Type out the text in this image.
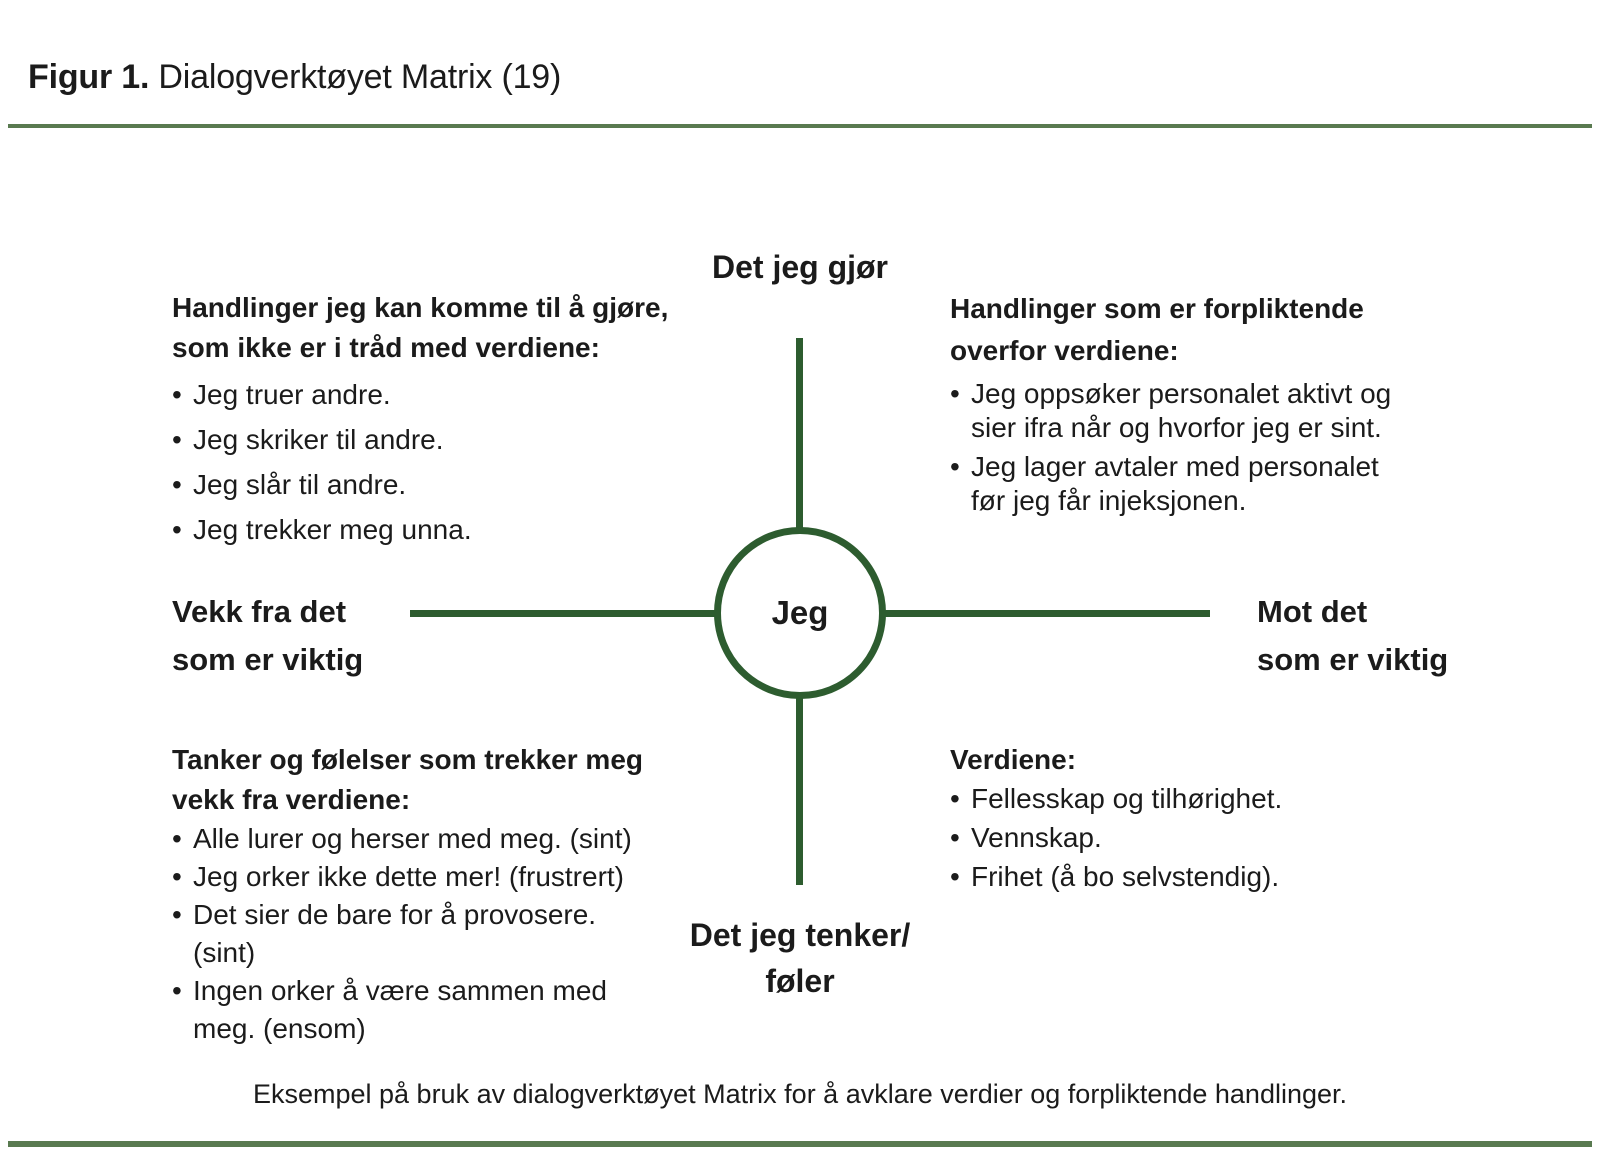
Figur 1. Dialogverktøyet Matrix (19)
Det jeg gjør
Jeg
Vekk fra det
som er viktig
Mot det
som er viktig
Handlinger jeg kan komme til å gjøre,
som ikke er i tråd med verdiene:
• Jeg truer andre.
• Jeg skriker til andre.
• Jeg slår til andre.
• Jeg trekker meg unna.
Handlinger som er forpliktende
overfor verdiene:
• Jeg oppsøker personalet aktivt og
sier ifra når og hvorfor jeg er sint.
• Jeg lager avtaler med personalet
før jeg får injeksjonen.
Tanker og følelser som trekker meg
vekk fra verdiene:
• Alle lurer og herser med meg. (sint)
• Jeg orker ikke dette mer! (frustrert)
• Det sier de bare for å provosere.
(sint)
• Ingen orker å være sammen med
meg. (ensom)
Verdiene:
• Fellesskap og tilhørighet.
• Vennskap.
• Frihet (å bo selvstendig).
Det jeg tenker/
føler
Eksempel på bruk av dialogverktøyet Matrix for å avklare verdier og forpliktende handlinger.
